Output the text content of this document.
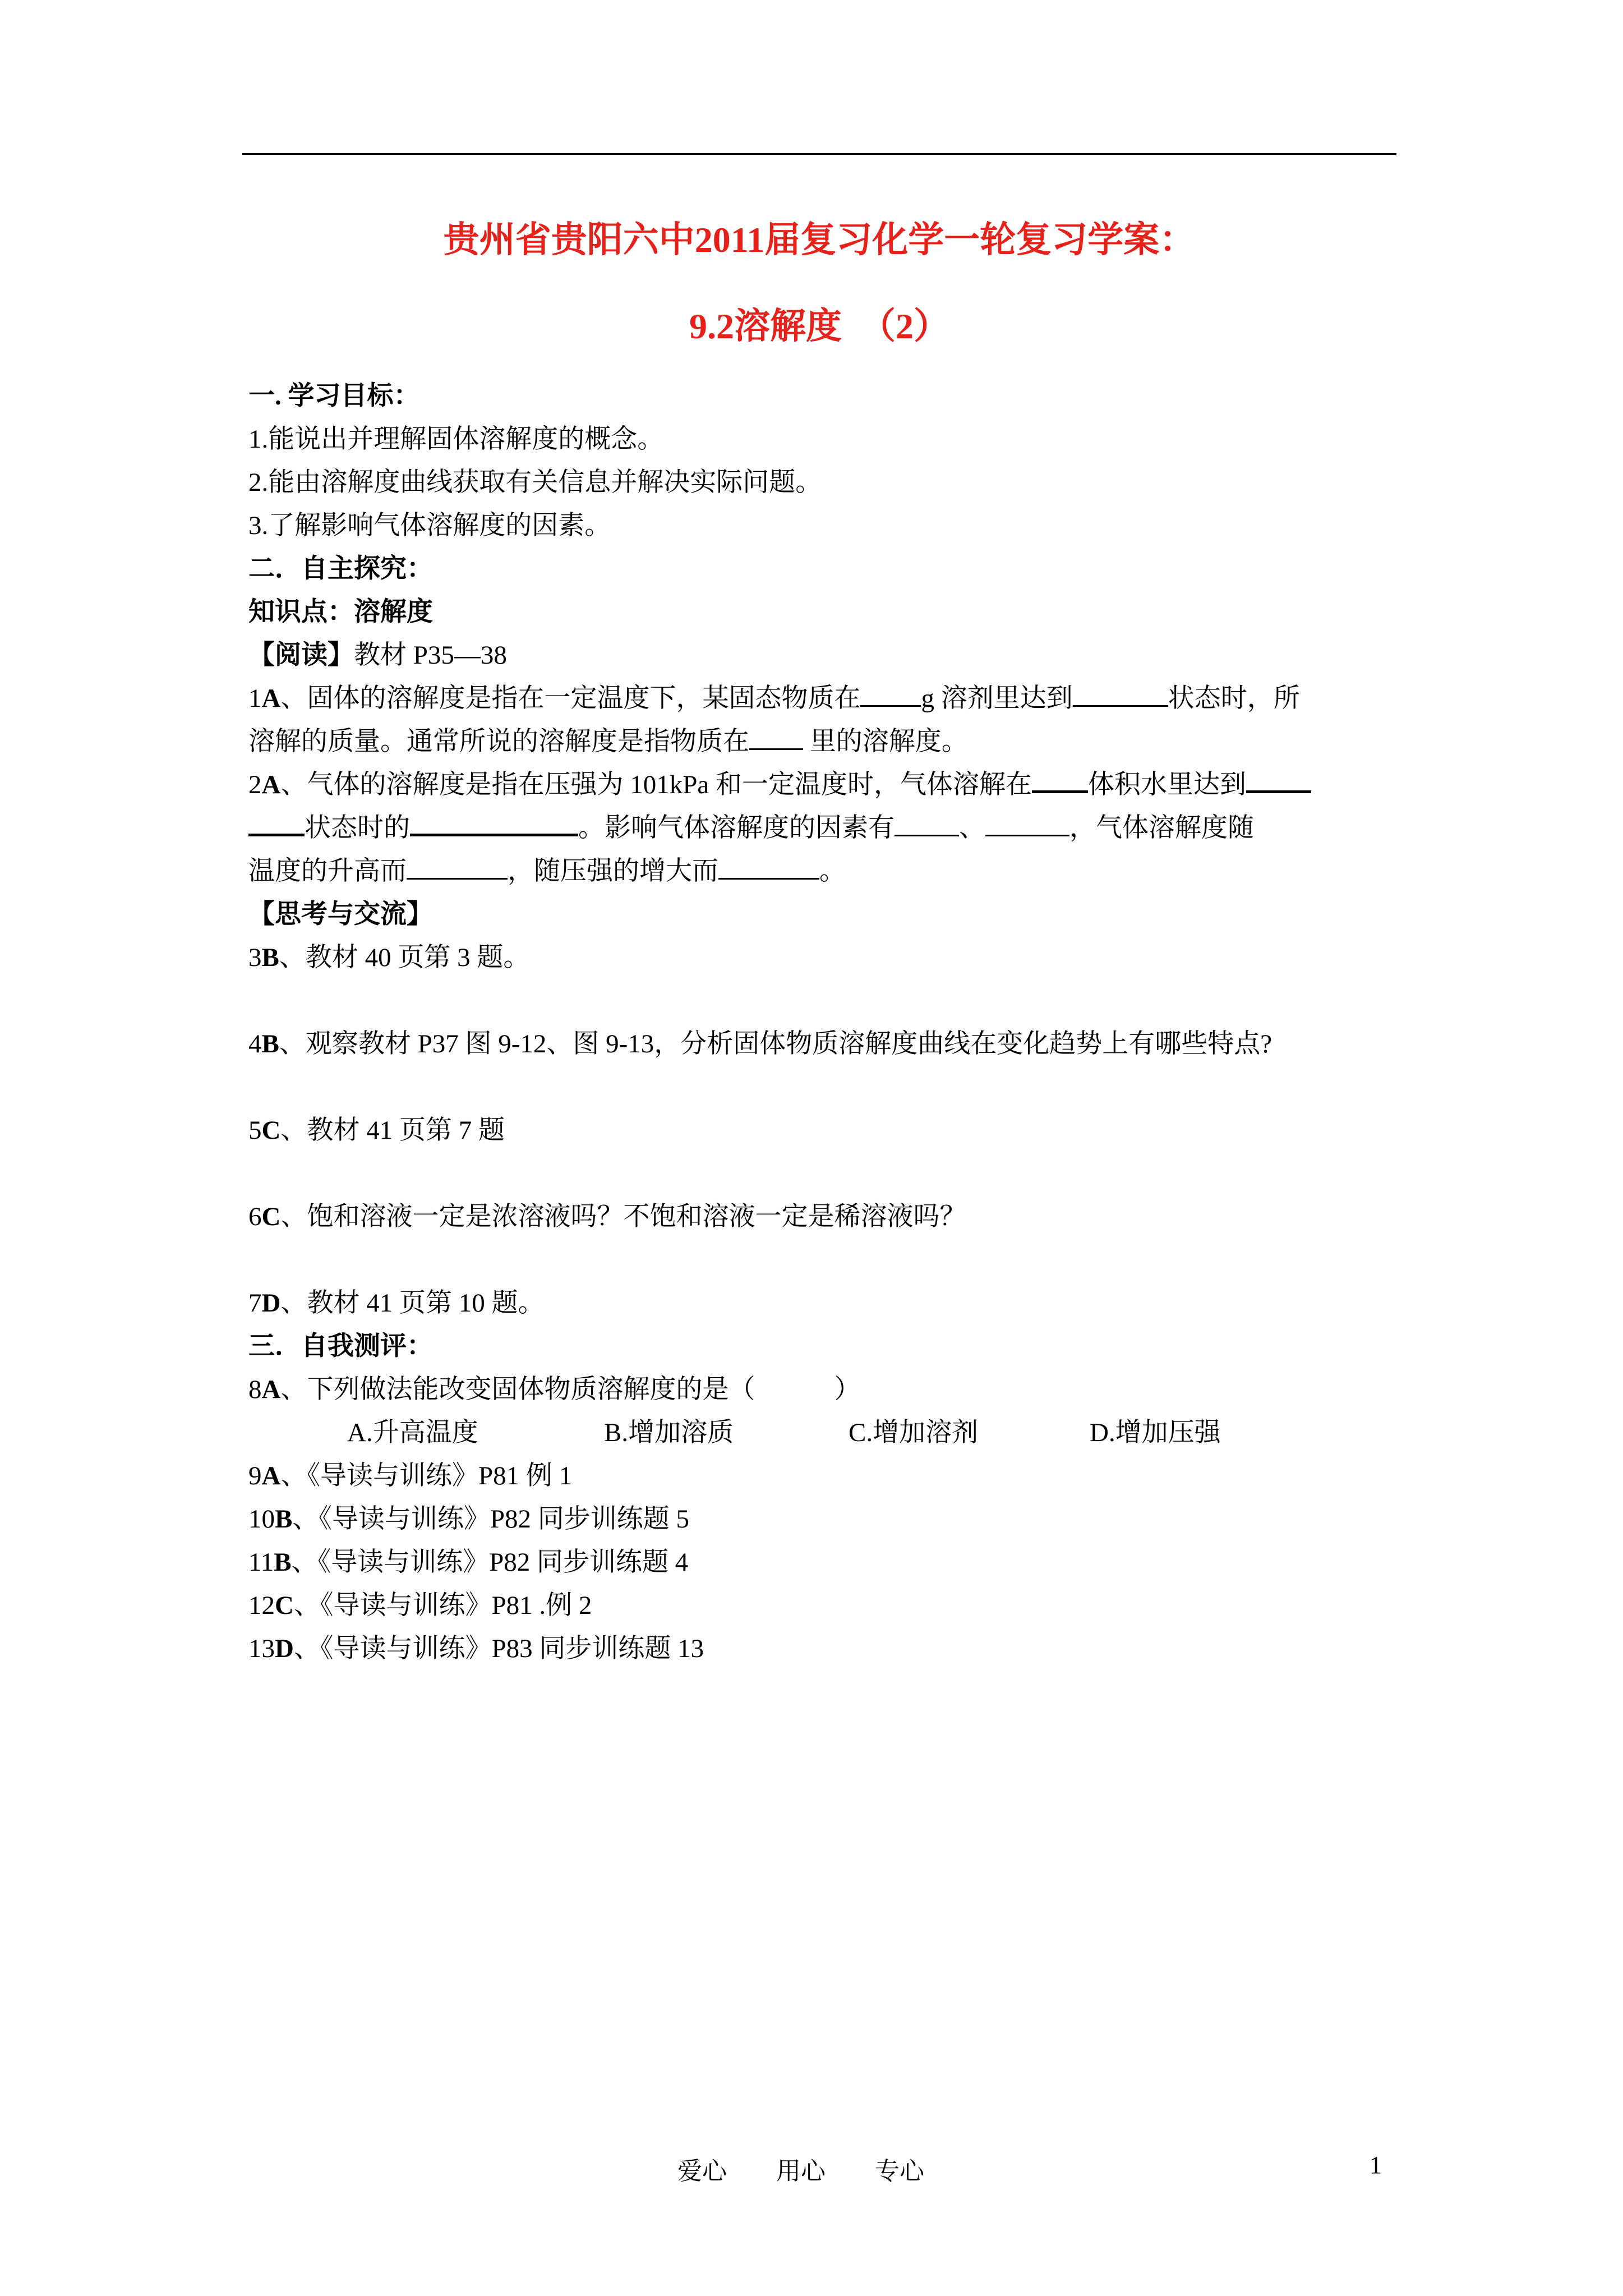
贵州省贵阳六中2011届复习化学一轮复习学案：
9.2溶解度　（2）
一. 学习目标：
1.能说出并理解固体溶解度的概念。
2.能由溶解度曲线获取有关信息并解决实际问题。
3.了解影响气体溶解度的因素。
二．自主探究：
知识点：溶解度
【阅读】教材 P35—38
1A、固体的溶解度是指在一定温度下，某固态物质在 g 溶剂里达到	状态时，所
溶解的质量。通常所说的溶解度是指物质在 里的溶解度。
2A、气体的溶解度是指在压强为 101kPa 和一定温度时，气体溶解在 体积水里达到
状态时的	。影响气体溶解度的因素有 、	，气体溶解度随
温度的升高而	，随压强的增大而	。
【思考与交流】
3B、教材 40 页第 3 题。
4B、观察教材 P37 图 9-12、图 9-13，分析固体物质溶解度曲线在变化趋势上有哪些特点?
5C、教材 41 页第 7 题
6C、饱和溶液一定是浓溶液吗？不饱和溶液一定是稀溶液吗？
7D、教材 41 页第 10 题。
三．自我测评：
8A、下列做法能改变固体物质溶解度的是（　　　）
A.升高温度	B.增加溶质	C.增加溶剂	D.增加压强
9A、《导读与训练》P81 例 1
10B、《导读与训练》P82 同步训练题 5
11B、《导读与训练》P82 同步训练题 4
12C、《导读与训练》P81 .例 2
13D、《导读与训练》P83 同步训练题 13
爱心　　用心　　专心	1
